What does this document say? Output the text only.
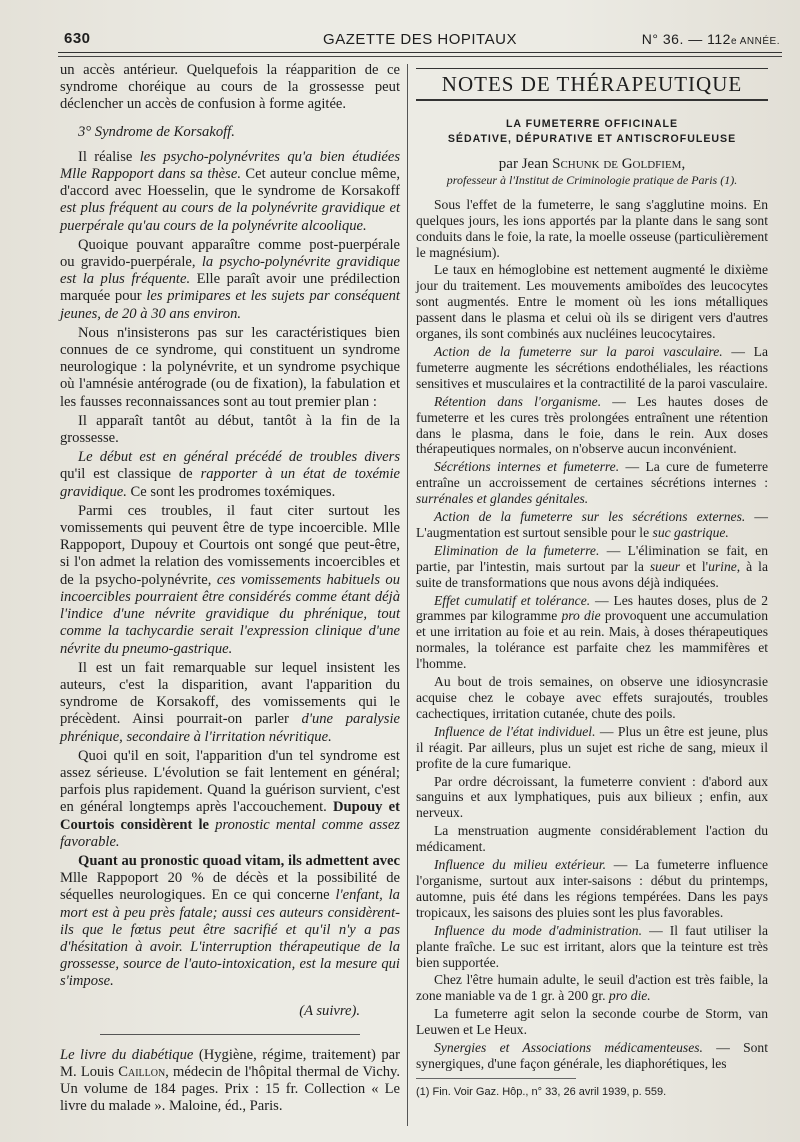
630	GAZETTE DES HOPITAUX	N° 36. — 112e ANNÉE.

un accès antérieur. Quelquefois la réapparition de ce syndrome choréique au cours de la grossesse peut déclencher un accès de confusion à forme agitée.

3° Syndrome de Korsakoff.

Il réalise les psycho-polynévrites qu'a bien étudiées Mlle Rappoport dans sa thèse. Cet auteur conclue même, d'accord avec Hoesselin, que le syndrome de Korsakoff est plus fréquent au cours de la polynévrite gravidique et puerpérale qu'au cours de la polynévrite alcoolique.

Quoique pouvant apparaître comme post-puerpérale ou gravido-puerpérale, la psycho-polynévrite gravidique est la plus fréquente. Elle paraît avoir une prédilection marquée pour les primipares et les sujets par conséquent jeunes, de 20 à 30 ans environ.

Nous n'insisterons pas sur les caractéristiques bien connues de ce syndrome, qui constituent un syndrome neurologique : la polynévrite, et un syndrome psychique où l'amnésie antérograde (ou de fixation), la fabulation et les fausses reconnaissances sont au tout premier plan :

Il apparaît tantôt au début, tantôt à la fin de la grossesse.

Le début est en général précédé de troubles divers qu'il est classique de rapporter à un état de toxémie gravidique. Ce sont les prodromes toxémiques.

Parmi ces troubles, il faut citer surtout les vomissements qui peuvent être de type incoercible. Mlle Rappoport, Dupouy et Courtois ont songé que peut-être, si l'on admet la relation des vomissements incoercibles et de la psycho-polynévrite, ces vomissements habituels ou incoercibles pourraient être considérés comme étant déjà l'indice d'une névrite gravidique du phrénique, tout comme la tachycardie serait l'expression clinique d'une névrite du pneumo-gastrique.

Il est un fait remarquable sur lequel insistent les auteurs, c'est la disparition, avant l'apparition du syndrome de Korsakoff, des vomissements qui le précèdent. Ainsi pourrait-on parler d'une paralysie phrénique, secondaire à l'irritation névritique.

Quoi qu'il en soit, l'apparition d'un tel syndrome est assez sérieuse. L'évolution se fait lentement en général; parfois plus rapidement. Quand la guérison survient, c'est en général longtemps après l'accouchement. Dupouy et Courtois considèrent le pronostic mental comme assez favorable.

Quant au pronostic quoad vitam, ils admettent avec Mlle Rappoport 20 % de décès et la possibilité de séquelles neurologiques. En ce qui concerne l'enfant, la mort est à peu près fatale; aussi ces auteurs considèrent-ils que le fœtus peut être sacrifié et qu'il n'y a pas d'hésitation à avoir. L'interruption thérapeutique de la grossesse, source de l'auto-intoxication, est la mesure qui s'impose.

(A suivre).

Le livre du diabétique (Hygiène, régime, traitement) par M. Louis Caillon, médecin de l'hôpital thermal de Vichy. Un volume de 184 pages. Prix : 15 fr. Collection « Le livre du malade ». Maloine, éd., Paris.

NOTES DE THÉRAPEUTIQUE
LA FUMETERRE OFFICINALE
SÉDATIVE, DÉPURATIVE ET ANTISCROFULEUSE
par Jean Schunk de Goldfiem,
professeur à l'Institut de Criminologie pratique de Paris (1).

Sous l'effet de la fumeterre, le sang s'agglutine moins. En quelques jours, les ions apportés par la plante dans le sang sont conduits dans le foie, la rate, la moelle osseuse (particulièrement le magnésium).

Le taux en hémoglobine est nettement augmenté le dixième jour du traitement. Les mouvements amiboïdes des leucocytes sont augmentés. Entre le moment où les ions métalliques passent dans le plasma et celui où ils se dirigent vers d'autres organes, ils sont combinés aux nucléines leucocytaires.

Action de la fumeterre sur la paroi vasculaire. — La fumeterre augmente les sécrétions endothéliales, les réactions sensitives et musculaires et la contractilité de la paroi vasculaire.

Rétention dans l'organisme. — Les hautes doses de fumeterre et les cures très prolongées entraînent une rétention dans le plasma, dans le foie, dans le rein. Aux doses thérapeutiques normales, on n'observe aucun inconvénient.

Sécrétions internes et fumeterre. — La cure de fumeterre entraîne un accroissement de certaines sécrétions internes : surrénales et glandes génitales.

Action de la fumeterre sur les sécrétions externes. — L'augmentation est surtout sensible pour le suc gastrique.

Elimination de la fumeterre. — L'élimination se fait, en partie, par l'intestin, mais surtout par la sueur et l'urine, à la suite de transformations que nous avons déjà indiquées.

Effet cumulatif et tolérance. — Les hautes doses, plus de 2 grammes par kilogramme pro die provoquent une accumulation et une irritation au foie et au rein. Mais, à doses thérapeutiques normales, la tolérance est parfaite chez les mammifères et l'homme.

Au bout de trois semaines, on observe une idiosyncrasie acquise chez le cobaye avec effets surajoutés, troubles cachectiques, irritation cutanée, chute des poils.

Influence de l'état individuel. — Plus un être est jeune, plus il réagit. Par ailleurs, plus un sujet est riche de sang, mieux il profite de la cure fumarique.

Par ordre décroissant, la fumeterre convient : d'abord aux sanguins et aux lymphatiques, puis aux bilieux ; enfin, aux nerveux.

La menstruation augmente considérablement l'action du médicament.

Influence du milieu extérieur. — La fumeterre influence l'organisme, surtout aux inter-saisons : début du printemps, automne, puis été dans les régions tempérées. Dans les pays tropicaux, les saisons des pluies sont les plus favorables.

Influence du mode d'administration. — Il faut utiliser la plante fraîche. Le suc est irritant, alors que la teinture est très bien supportée.

Chez l'être humain adulte, le seuil d'action est très faible, la zone maniable va de 1 gr. à 200 gr. pro die.

La fumeterre agit selon la seconde courbe de Storm, van Leuwen et Le Heux.

Synergies et Associations médicamenteuses. — Sont synergiques, d'une façon générale, les diaphorétiques, les

(1) Fin. Voir Gaz. Hôp., n° 33, 26 avril 1939, p. 559.
